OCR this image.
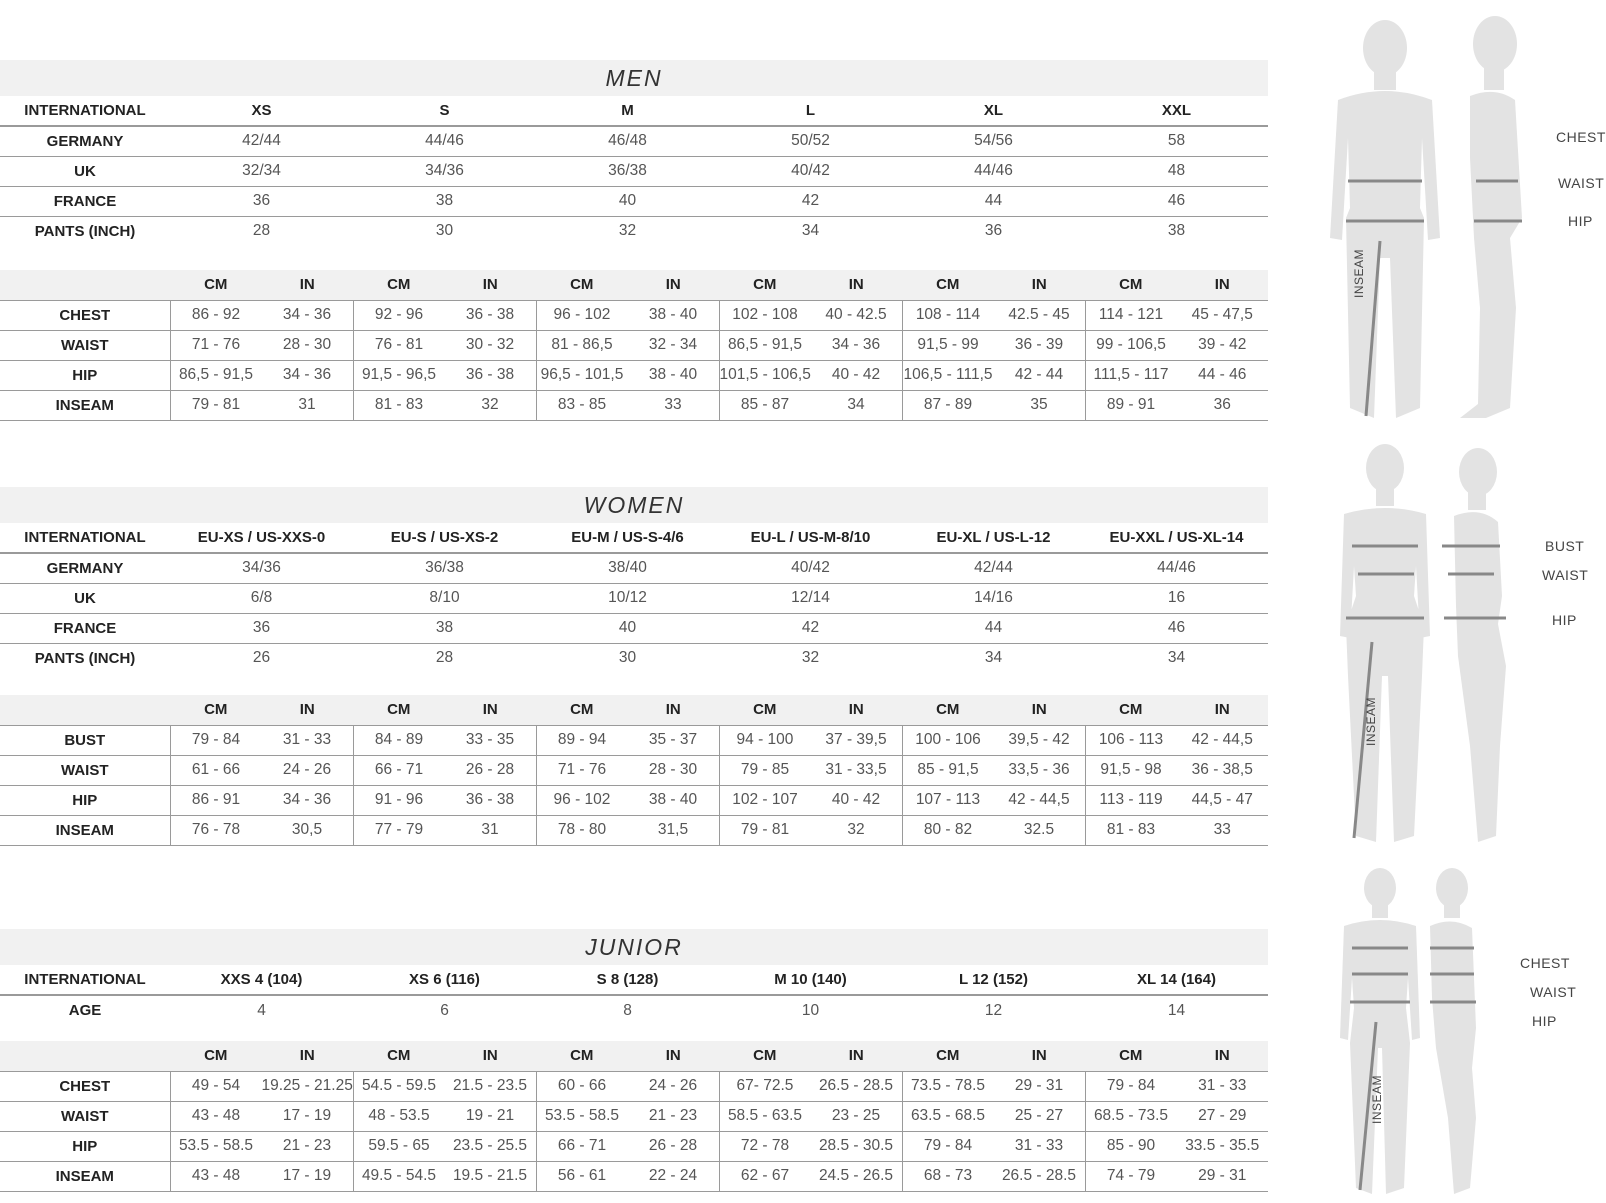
MEN
INTERNATIONAL	XS	S	M	L	XL	XXL
GERMANY	42/44	44/46	46/48	50/52	54/56	58
UK	32/34	34/36	36/38	40/42	44/46	48
FRANCE	36	38	40	42	44	46
PANTS (INCH)	28	30	32	34	36	38
	CM	IN	CM	IN	CM	IN	CM	IN	CM	IN	CM	IN
CHEST	86 - 92	34 - 36	92 - 96	36 - 38	96 - 102	38 - 40	102 - 108	40 - 42.5	108 - 114	42.5 - 45	114 - 121	45 - 47,5
WAIST	71 - 76	28 - 30	76 - 81	30 - 32	81 - 86,5	32 - 34	86,5 - 91,5	34 - 36	91,5 - 99	36 - 39	99 - 106,5	39 - 42
HIP	86,5 - 91,5	34 - 36	91,5 - 96,5	36 - 38	96,5 - 101,5	38 - 40	101,5 - 106,5	40 - 42	106,5 - 111,5	42 - 44	111,5 - 117	44 - 46
INSEAM	79 - 81	31	81 - 83	32	83 - 85	33	85 - 87	34	87 - 89	35	89 - 91	36
WOMEN
INTERNATIONAL	EU-XS / US-XXS-0	EU-S / US-XS-2	EU-M / US-S-4/6	EU-L / US-M-8/10	EU-XL / US-L-12	EU-XXL / US-XL-14
GERMANY	34/36	36/38	38/40	40/42	42/44	44/46
UK	6/8	8/10	10/12	12/14	14/16	16
FRANCE	36	38	40	42	44	46
PANTS (INCH)	26	28	30	32	34	34
	CM	IN	CM	IN	CM	IN	CM	IN	CM	IN	CM	IN
BUST	79 - 84	31 - 33	84 - 89	33 - 35	89 - 94	35 - 37	94 - 100	37 - 39,5	100 - 106	39,5 - 42	106 - 113	42 - 44,5
WAIST	61 - 66	24 - 26	66 - 71	26 - 28	71 - 76	28 - 30	79 - 85	31 - 33,5	85 - 91,5	33,5 - 36	91,5 - 98	36 - 38,5
HIP	86 - 91	34 - 36	91 - 96	36 - 38	96 - 102	38 - 40	102 - 107	40 - 42	107 - 113	42 - 44,5	113 - 119	44,5 - 47
INSEAM	76 - 78	30,5	77 - 79	31	78 - 80	31,5	79 - 81	32	80 - 82	32.5	81 - 83	33
JUNIOR
INTERNATIONAL	XXS 4 (104)	XS 6 (116)	S 8 (128)	M 10 (140)	L 12 (152)	XL 14 (164)
AGE	4	6	8	10	12	14
	CM	IN	CM	IN	CM	IN	CM	IN	CM	IN	CM	IN
CHEST	49 - 54	19.25 - 21.25	54.5 - 59.5	21.5 - 23.5	60 - 66	24 - 26	67- 72.5	26.5 - 28.5	73.5 - 78.5	29 - 31	79 - 84	31 - 33
WAIST	43 - 48	17 - 19	48 - 53.5	19 - 21	53.5 - 58.5	21 - 23	58.5 - 63.5	23 - 25	63.5 - 68.5	25 - 27	68.5 - 73.5	27 - 29
HIP	53.5 - 58.5	21 - 23	59.5 - 65	23.5 - 25.5	66 - 71	26 - 28	72 - 78	28.5 - 30.5	79 - 84	31 - 33	85 - 90	33.5 - 35.5
INSEAM	43 - 48	17 - 19	49.5 - 54.5	19.5 - 21.5	56 - 61	22 - 24	62 - 67	24.5 - 26.5	68 - 73	26.5 - 28.5	74 - 79	29 - 31
CHEST
WAIST
HIP
INSEAM
BUST
WAIST
HIP
INSEAM
CHEST
WAIST
HIP
INSEAM
